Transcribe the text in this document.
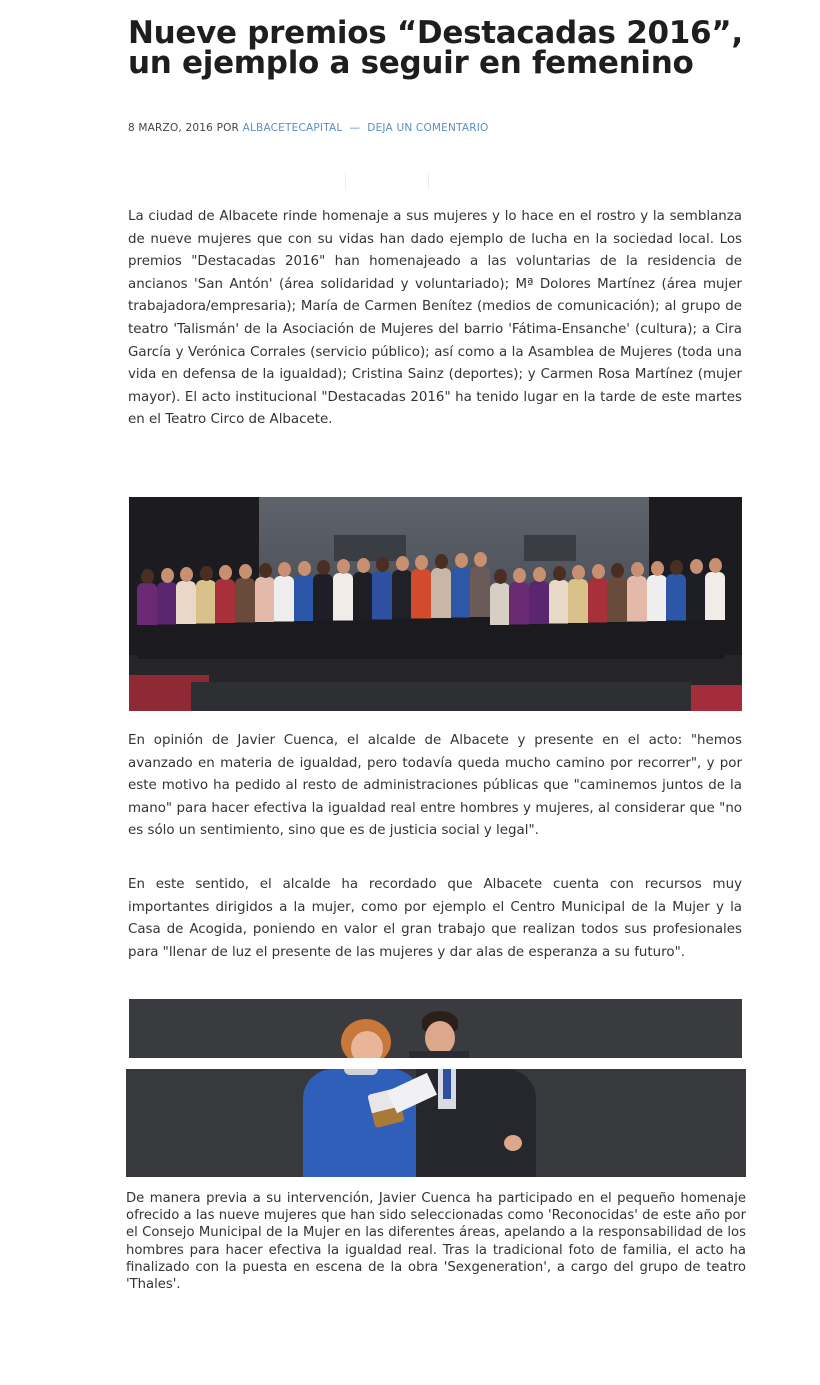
Nueve premios “Destacadas 2016”, un ejemplo a seguir en femenino
8 MARZO, 2016 POR ALBACETECAPITAL — DEJA UN COMENTARIO

La ciudad de Albacete rinde homenaje a sus mujeres y lo hace en el rostro y la semblanza de nueve mujeres que con su vidas han dado ejemplo de lucha en la sociedad local. Los premios "Destacadas 2016" han homenajeado a las voluntarias de la residencia de ancianos 'San Antón' (área solidaridad y voluntariado); Mª Dolores Martínez (área mujer trabajadora/empresaria); María de Carmen Benítez (medios de comunicación); al grupo de teatro 'Talismán' de la Asociación de Mujeres del barrio 'Fátima-Ensanche' (cultura); a Cira García y Verónica Corrales (servicio público); así como a la Asamblea de Mujeres (toda una vida en defensa de la igualdad); Cristina Sainz (deportes); y Carmen Rosa Martínez (mujer mayor). El acto institucional "Destacadas 2016" ha tenido lugar en la tarde de este martes en el Teatro Circo de Albacete.

En opinión de Javier Cuenca, el alcalde de Albacete y presente en el acto: "hemos avanzado en materia de igualdad, pero todavía queda mucho camino por recorrer", y por este motivo ha pedido al resto de administraciones públicas que "caminemos juntos de la mano" para hacer efectiva la igualdad real entre hombres y mujeres, al considerar que "no es sólo un sentimiento, sino que es de justicia social y legal".

En este sentido, el alcalde ha recordado que Albacete cuenta con recursos muy importantes dirigidos a la mujer, como por ejemplo el Centro Municipal de la Mujer y la Casa de Acogida, poniendo en valor el gran trabajo que realizan todos sus profesionales para "llenar de luz el presente de las mujeres y dar alas de esperanza a su futuro".

De manera previa a su intervención, Javier Cuenca ha participado en el pequeño homenaje ofrecido a las nueve mujeres que han sido seleccionadas como 'Reconocidas' de este año por el Consejo Municipal de la Mujer en las diferentes áreas, apelando a la responsabilidad de los hombres para hacer efectiva la igualdad real. Tras la tradicional foto de familia, el acto ha finalizado con la puesta en escena de la obra 'Sexgeneration', a cargo del grupo de teatro 'Thales'.
